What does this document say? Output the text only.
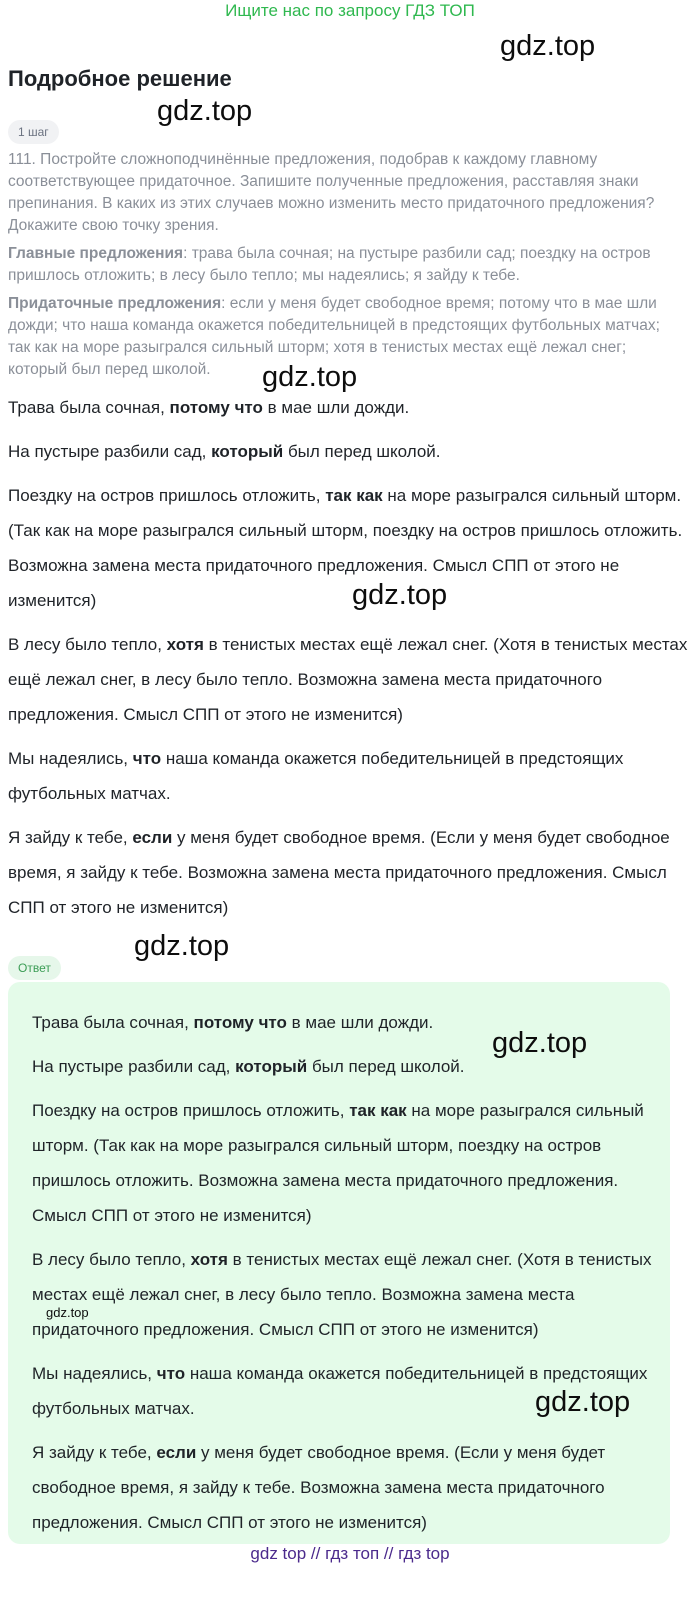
Ищите нас по запросу ГДЗ ТОП
gdz.top
Подробное решение
gdz.top
1 шаг

111. Постройте сложноподчинённые предложения, подобрав к каждому главному соответствующее придаточное. Запишите полученные предложения, расставляя знаки препинания. В каких из этих случаев можно изменить место придаточного предложения? Докажите свою точку зрения.

Главные предложения: трава была сочная; на пустыре разбили сад; поездку на остров пришлось отложить; в лесу было тепло; мы надеялись; я зайду к тебе.

Придаточные предложения: если у меня будет свободное время; потому что в мае шли дожди; что наша команда окажется победительницей в предстоящих футбольных матчах; так как на море разыгрался сильный шторм; хотя в тенистых местах ещё лежал снег; который был перед школой.	gdz.top

Трава была сочная, потому что в мае шли дожди.

На пустыре разбили сад, который был перед школой.

Поездку на остров пришлось отложить, так как на море разыгрался сильный шторм. (Так как на море разыгрался сильный шторм, поездку на остров пришлось отложить. Возможна замена места придаточного предложения. Смысл СПП от этого не изменится)

В лесу было тепло, хотя в тенистых местах ещё лежал снег. (Хотя в тенистых местах ещё лежал снег, в лесу было тепло. Возможна замена места придаточного предложения. Смысл СПП от этого не изменится)

Мы надеялись, что наша команда окажется победительницей в предстоящих футбольных матчах.

Я зайду к тебе, если у меня будет свободное время. (Если у меня будет свободное время, я зайду к тебе. Возможна замена места придаточного предложения. Смысл СПП от этого не изменится)

gdz.top
gdz.top
Ответ

Трава была сочная, потому что в мае шли дожди.

На пустыре разбили сад, который был перед школой.

Поездку на остров пришлось отложить, так как на море разыгрался сильный шторм. (Так как на море разыгрался сильный шторм, поездку на остров пришлось отложить. Возможна замена места придаточного предложения. Смысл СПП от этого не изменится)

В лесу было тепло, хотя в тенистых местах ещё лежал снег. (Хотя в тенистых местах ещё лежал снег, в лесу было тепло. Возможна замена места придаточного предложения. Смысл СПП от этого не изменится)

Мы надеялись, что наша команда окажется победительницей в предстоящих футбольных матчах.

Я зайду к тебе, если у меня будет свободное время. (Если у меня будет свободное время, я зайду к тебе. Возможна замена места придаточного предложения. Смысл СПП от этого не изменится)

gdz.top
gdz.top
gdz.top
gdz top // гдз топ // гдз top
